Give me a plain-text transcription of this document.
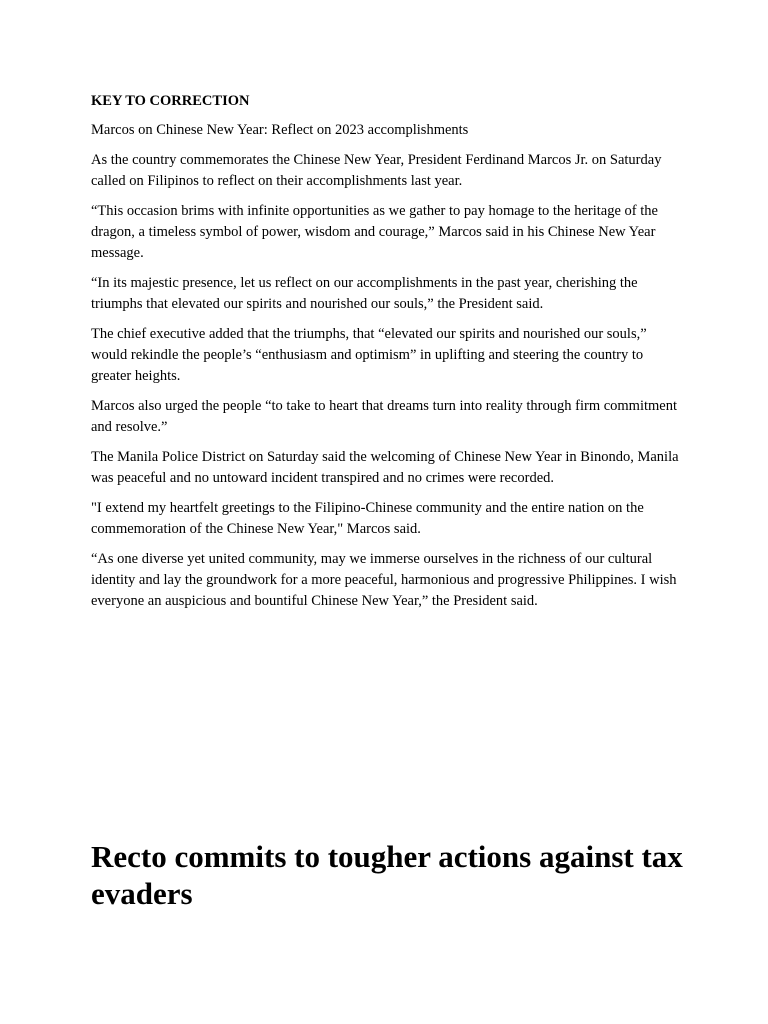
KEY TO CORRECTION

Marcos on Chinese New Year: Reflect on 2023 accomplishments

As the country commemorates the Chinese New Year, President Ferdinand Marcos Jr. on Saturday called on Filipinos to reflect on their accomplishments last year.

“This occasion brims with infinite opportunities as we gather to pay homage to the heritage of the dragon, a timeless symbol of power, wisdom and courage,” Marcos said in his Chinese New Year message.

“In its majestic presence, let us reflect on our accomplishments in the past year, cherishing the triumphs that elevated our spirits and nourished our souls,” the President said.

The chief executive added that the triumphs, that “elevated our spirits and nourished our souls,” would rekindle the people’s “enthusiasm and optimism” in uplifting and steering the country to greater heights.

Marcos also urged the people “to take to heart that dreams turn into reality through firm commitment and resolve.”

The Manila Police District on Saturday said the welcoming of Chinese New Year in Binondo, Manila was peaceful and no untoward incident transpired and no crimes were recorded.

"I extend my heartfelt greetings to the Filipino-Chinese community and the entire nation on the commemoration of the Chinese New Year," Marcos said.

“As one diverse yet united community, may we immerse ourselves in the richness of our cultural identity and lay the groundwork for a more peaceful, harmonious and progressive Philippines. I wish everyone an auspicious and bountiful Chinese New Year,” the President said.

Recto commits to tougher actions against tax evaders
